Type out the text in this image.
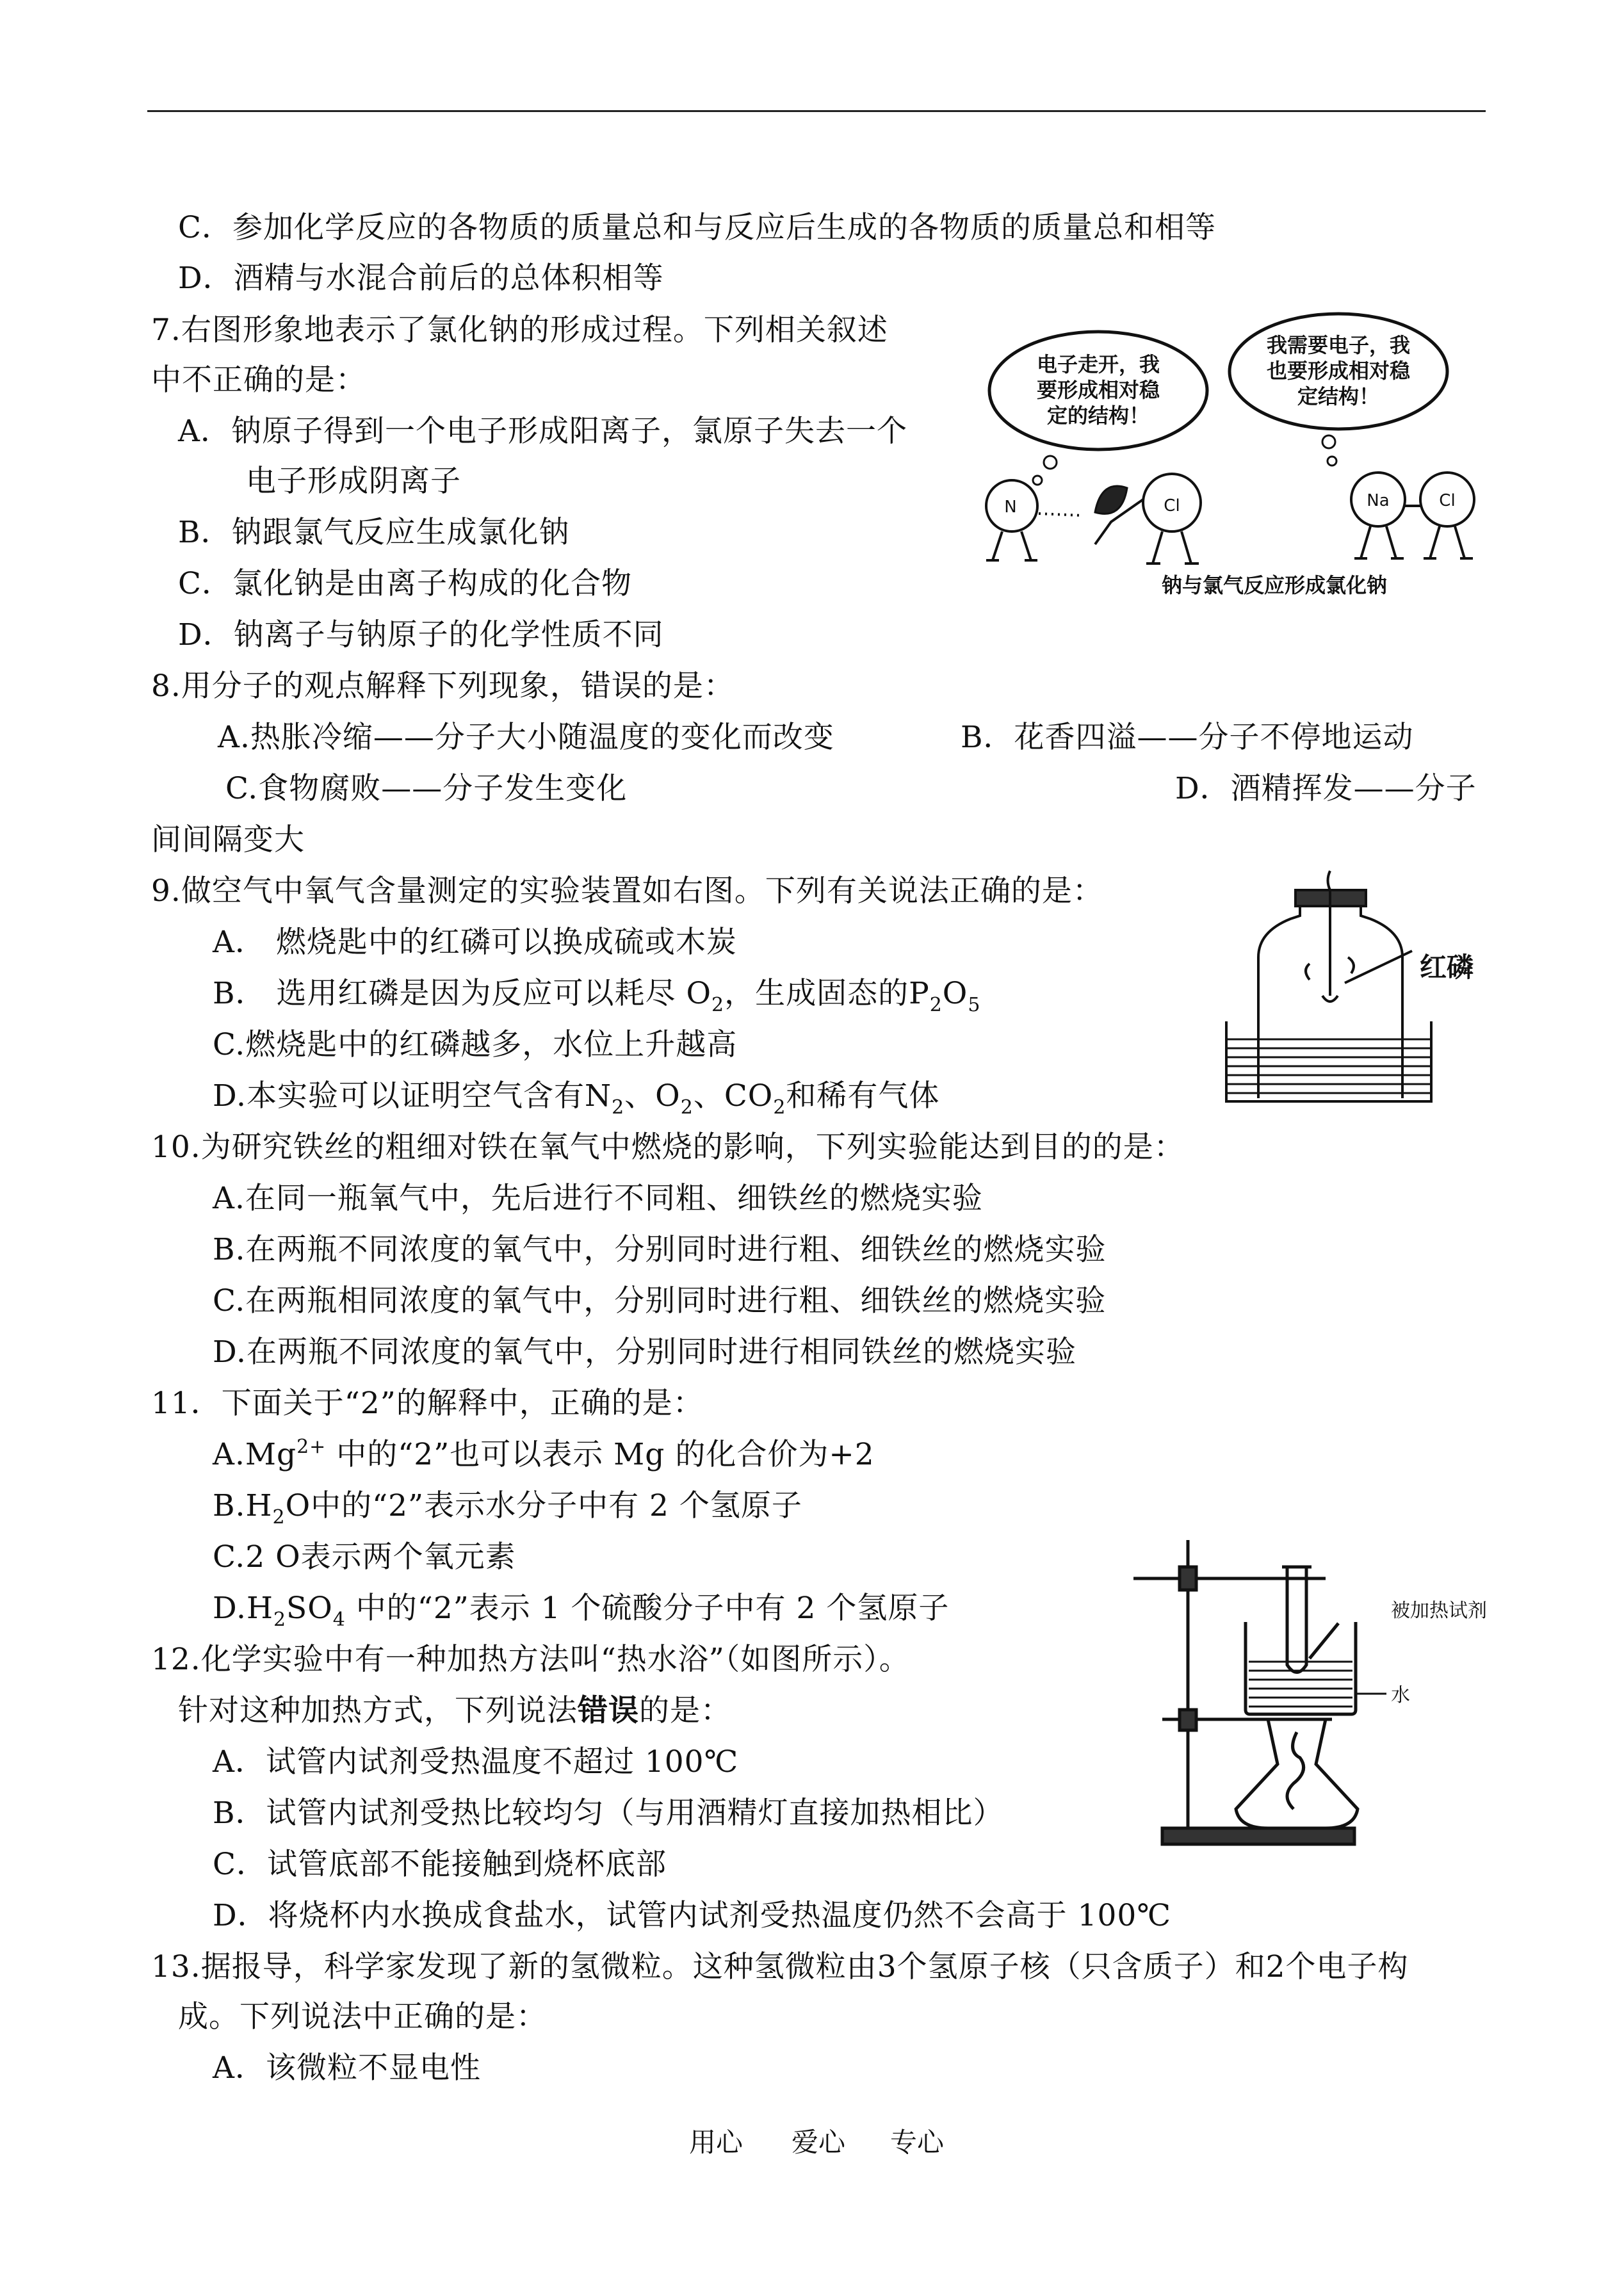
C．参加化学反应的各物质的质量总和与反应后生成的各物质的质量总和相等
D．酒精与水混合前后的总体积相等
7.右图形象地表示了氯化钠的形成过程。下列相关叙述
中不正确的是：
A．钠原子得到一个电子形成阳离子，氯原子失去一个
电子形成阴离子
B．钠跟氯气反应生成氯化钠
C．氯化钠是由离子构成的化合物
D．钠离子与钠原子的化学性质不同
电子走开，我
要形成相对稳
定的结构！
我需要电子，我
也要形成相对稳
定结构！
N	Cl	Na	Cl
钠与氯气反应形成氯化钠
8.用分子的观点解释下列现象，错误的是：
A.热胀冷缩——分子大小随温度的变化而改变	B．花香四溢——分子不停地运动
C.食物腐败——分子发生变化	D．酒精挥发——分子
间间隔变大
9.做空气中氧气含量测定的实验装置如右图。下列有关说法正确的是：
A． 燃烧匙中的红磷可以换成硫或木炭
B． 选用红磷是因为反应可以耗尽 $O_2$，生成固态的$P_2O_5$
C.燃烧匙中的红磷越多，水位上升越高
D.本实验可以证明空气含有$N_2$、$O_2$、$CO_2$和稀有气体
红磷
10.为研究铁丝的粗细对铁在氧气中燃烧的影响，下列实验能达到目的的是：
A.在同一瓶氧气中，先后进行不同粗、细铁丝的燃烧实验
B.在两瓶不同浓度的氧气中，分别同时进行粗、细铁丝的燃烧实验
C.在两瓶相同浓度的氧气中，分别同时进行粗、细铁丝的燃烧实验
D.在两瓶不同浓度的氧气中，分别同时进行相同铁丝的燃烧实验
11．下面关于“2”的解释中，正确的是：
$A.Mg^{2+}$ 中的“2”也可以表示 Mg 的化合价为+2
$B.H_2O$中的“2”表示水分子中有 2 个氢原子
C.2 O表示两个氧元素
$D.H_2SO_4$ 中的“2”表示 1 个硫酸分子中有 2 个氢原子
12.化学实验中有一种加热方法叫“热水浴”（如图所示）。
针对这种加热方式，下列说法错误的是：
A．试管内试剂受热温度不超过 100℃
B．试管内试剂受热比较均匀（与用酒精灯直接加热相比）
C．试管底部不能接触到烧杯底部
D．将烧杯内水换成食盐水，试管内试剂受热温度仍然不会高于 100℃
被加热试剂
水
13.据报导，科学家发现了新的氢微粒。这种氢微粒由3个氢原子核（只含质子）和2个电子构
成。下列说法中正确的是：
A．该微粒不显电性
用心 爱心 专心
